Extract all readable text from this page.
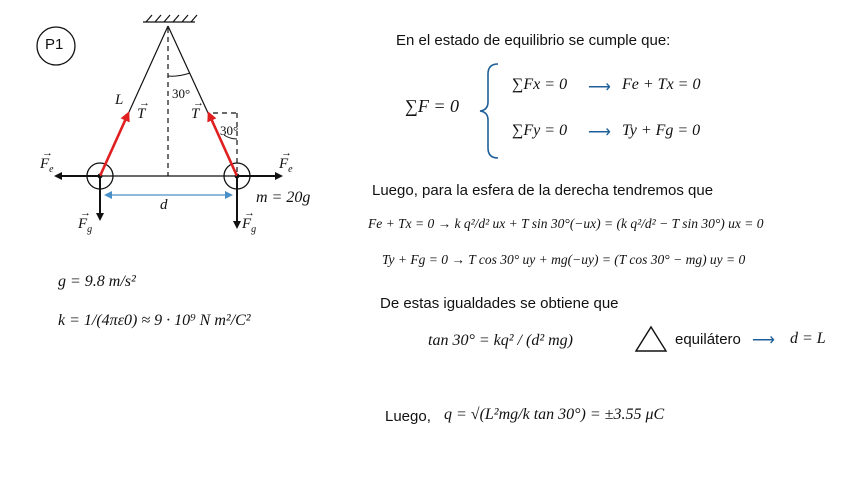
P1
L →
T
→
T
30°
30°
→
$F_e$
→
$F_e$
→
$F_g$
→
$F_g$
d	m = 20g
g = 9.8 m/s²
k = 1/(4πε0) ≈ 9 · 10⁹ N m²/C²
En el estado de equilibrio se cumple que:
∑F = 0
∑Fx = 0 ⟶ Fe + Tx = 0
∑Fy = 0 ⟶ Ty + Fg = 0
Luego, para la esfera de la derecha tendremos que
Fe + Tx = 0 → k q²/d² ux + T sin 30°(−ux) = (k q²/d² − T sin 30°) ux = 0
Ty + Fg = 0 → T cos 30° uy + mg(−uy) = (T cos 30° − mg) uy = 0
De estas igualdades se obtiene que
tan 30° = kq² / (d² mg)	equilátero ⟶ d = L
Luego, q = √(L²mg/k tan 30°) = ±3.55 μC
